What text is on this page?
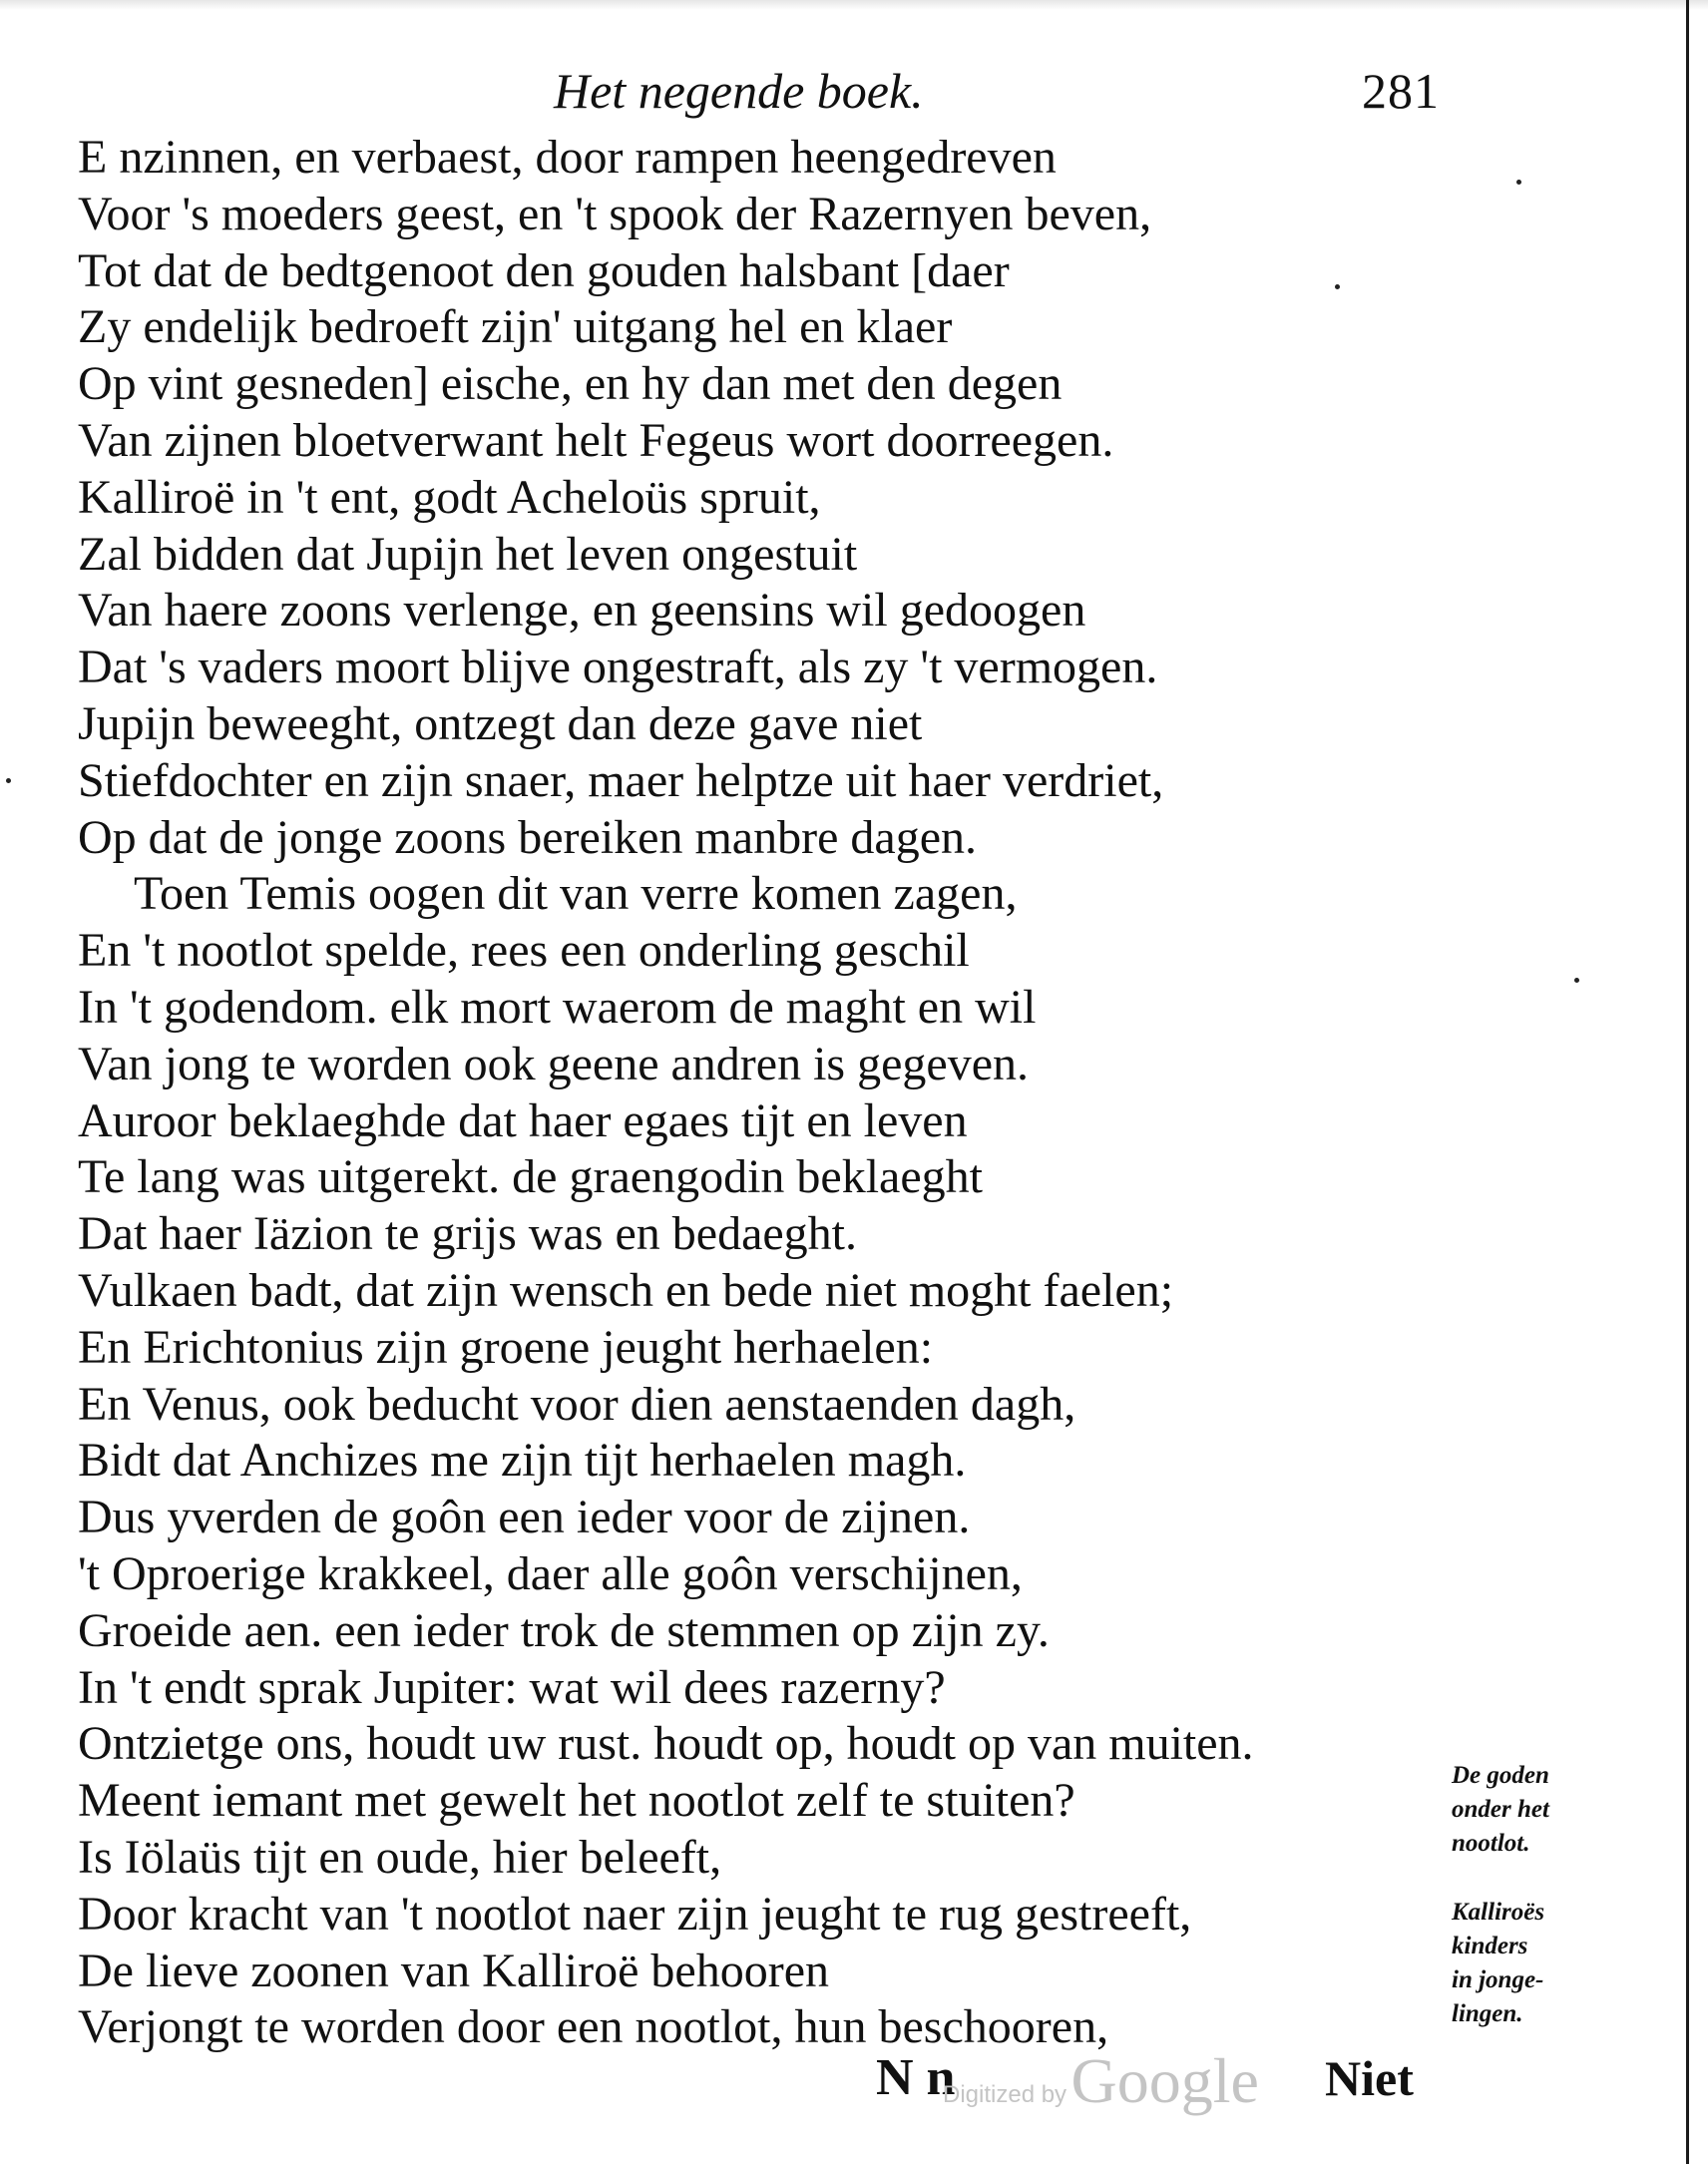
Het negende boek.	281
E nzinnen, en verbaest, door rampen heengedreven
Voor 's moeders geest, en 't spook der Razernyen beven,
Tot dat de bedtgenoot den gouden halsbant [daer
Zy endelijk bedroeft zijn' uitgang hel en klaer
Op vint gesneden] eische, en hy dan met den degen
Van zijnen bloetverwant helt Fegeus wort doorreegen.
Kalliroë in 't ent, godt Acheloüs spruit,
Zal bidden dat Jupijn het leven ongestuit
Van haere zoons verlenge, en geensins wil gedoogen
Dat 's vaders moort blijve ongestraft, als zy 't vermogen.
Jupijn beweeght, ontzegt dan deze gave niet
Stiefdochter en zijn snaer, maer helptze uit haer verdriet,
Op dat de jonge zoons bereiken manbre dagen.
Toen Temis oogen dit van verre komen zagen,
En 't nootlot spelde, rees een onderling geschil
In 't godendom. elk mort waerom de maght en wil
Van jong te worden ook geene andren is gegeven.
Auroor beklaeghde dat haer egaes tijt en leven
Te lang was uitgerekt. de graengodin beklaeght
Dat haer Iäzion te grijs was en bedaeght.
Vulkaen badt, dat zijn wensch en bede niet moght faelen;
En Erichtonius zijn groene jeught herhaelen:
En Venus, ook beducht voor dien aenstaenden dagh,
Bidt dat Anchizes me zijn tijt herhaelen magh.
Dus yverden de goôn een ieder voor de zijnen.
't Oproerige krakkeel, daer alle goôn verschijnen,
Groeide aen. een ieder trok de stemmen op zijn zy.
In 't endt sprak Jupiter: wat wil dees razerny?
Ontzietge ons, houdt uw rust. houdt op, houdt op van muiten.
Meent iemant met gewelt het nootlot zelf te stuiten?
Is Iölaüs tijt en oude, hier beleeft,
Door kracht van 't nootlot naer zijn jeught te rug gestreeft,
De lieve zoonen van Kalliroë behooren
Verjongt te worden door een nootlot, hun beschooren,
De goden
onder het
nootlot.
Kalliroës
kinders
in jonge-
lingen.
N n
Digitized by Google Niet
